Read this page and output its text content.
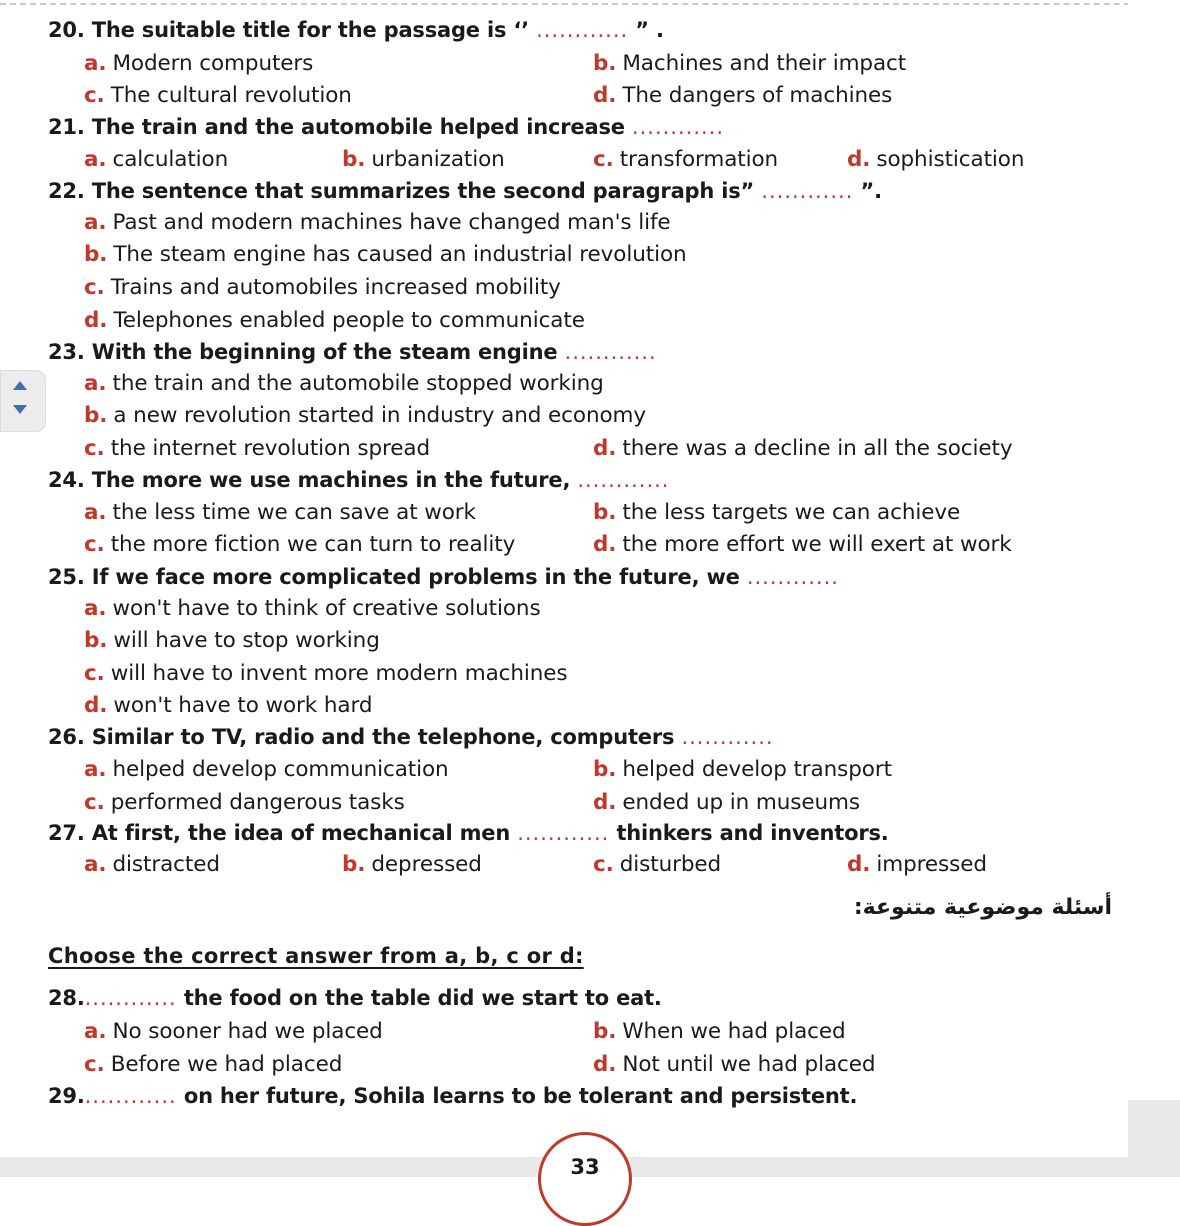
20. The suitable title for the passage is ‘’ ............ ” .
a. Modern computers	b. Machines and their impact
c. The cultural revolution	d. The dangers of machines
21. The train and the automobile helped increase ............
a. calculation	b. urbanization	c. transformation	d. sophistication
22. The sentence that summarizes the second paragraph is” ............ ”.
a. Past and modern machines have changed man's life
b. The steam engine has caused an industrial revolution
c. Trains and automobiles increased mobility
d. Telephones enabled people to communicate
23. With the beginning of the steam engine ............
a. the train and the automobile stopped working
b. a new revolution started in industry and economy
c. the internet revolution spread	d. there was a decline in all the society
24. The more we use machines in the future, ............
a. the less time we can save at work	b. the less targets we can achieve
c. the more fiction we can turn to reality	d. the more effort we will exert at work
25. If we face more complicated problems in the future, we ............
a. won't have to think of creative solutions
b. will have to stop working
c. will have to invent more modern machines
d. won't have to work hard
26. Similar to TV, radio and the telephone, computers ............
a. helped develop communication	b. helped develop transport
c. performed dangerous tasks	d. ended up in museums
27. At first, the idea of mechanical men ............ thinkers and inventors.
a. distracted	b. depressed	c. disturbed	d. impressed
أسئلة موضوعية متنوعة:
Choose the correct answer from a, b, c or d:
28............. the food on the table did we start to eat.
a. No sooner had we placed	b. When we had placed
c. Before we had placed	d. Not until we had placed
29............. on her future, Sohila learns to be tolerant and persistent.
33
